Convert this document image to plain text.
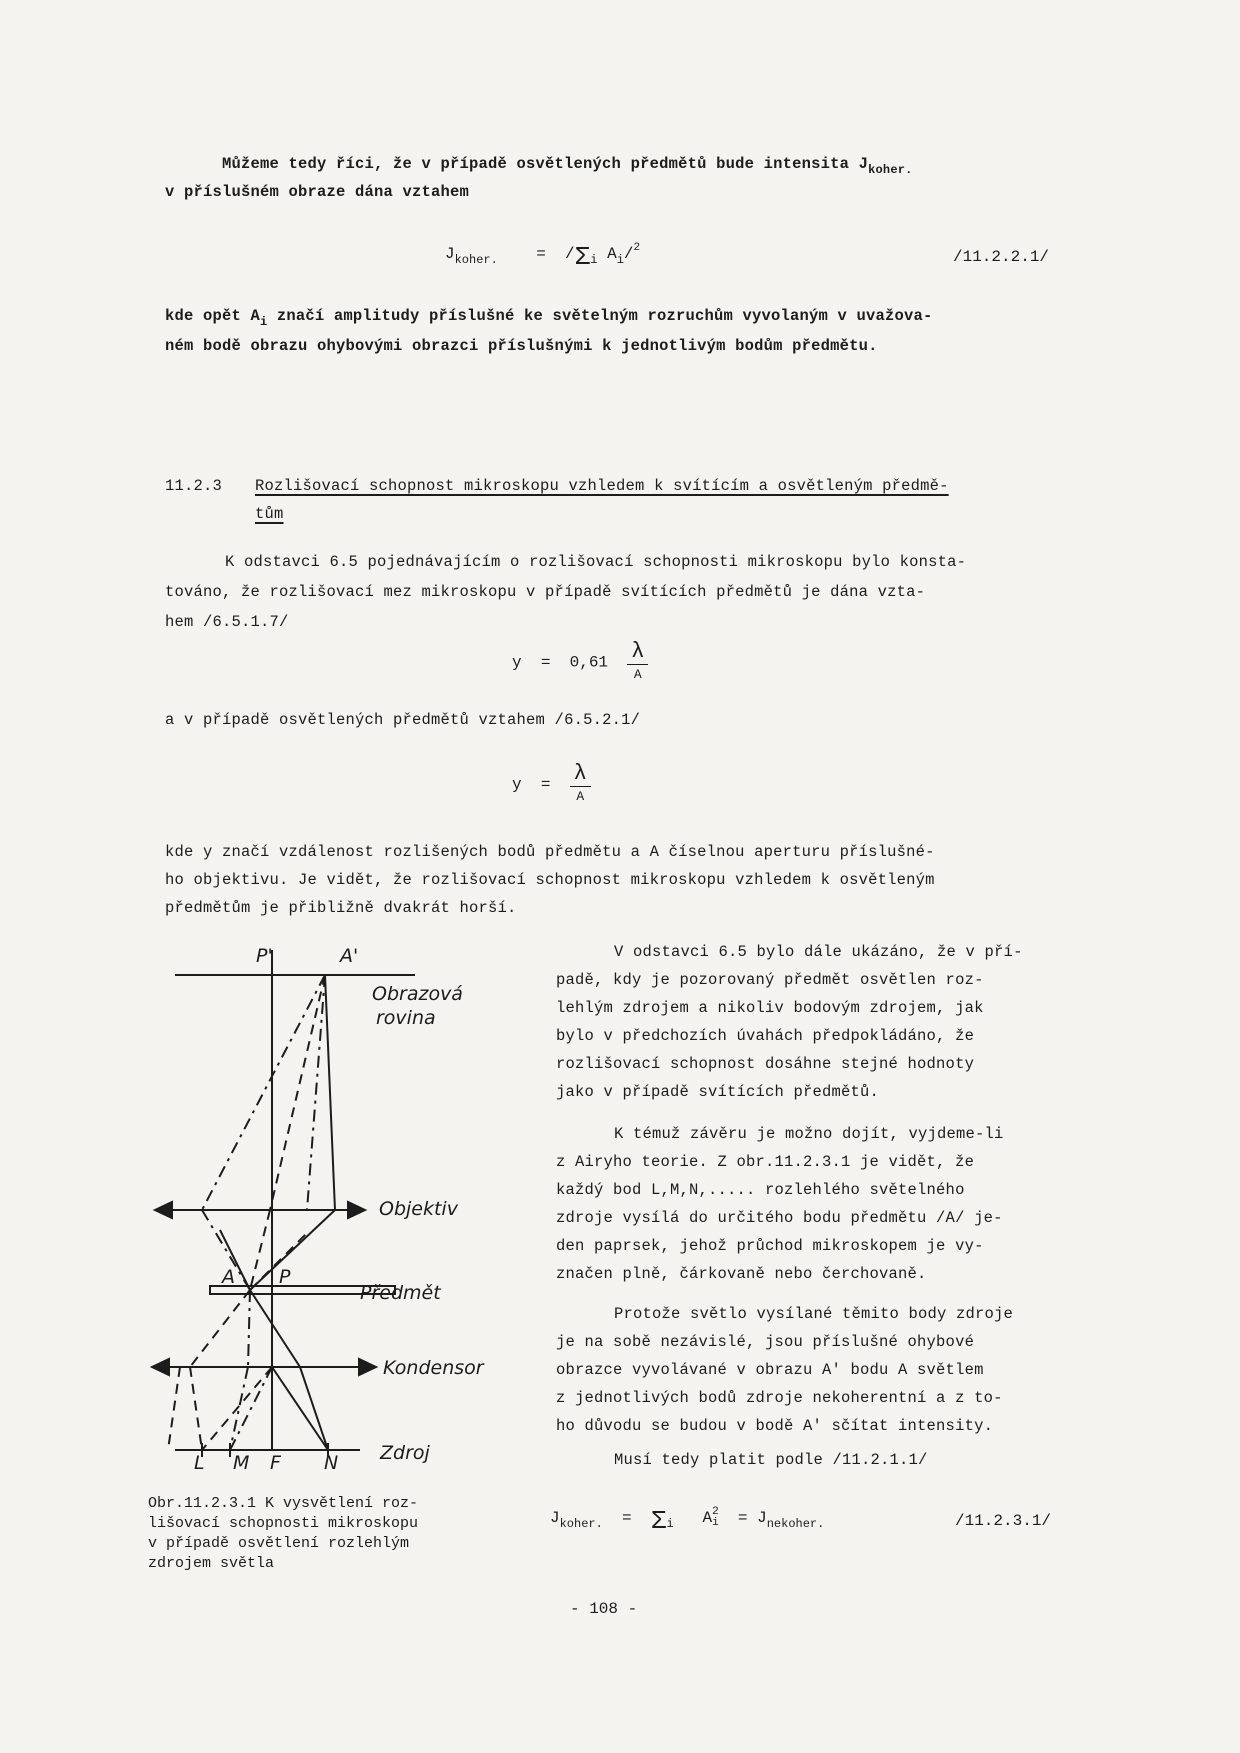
Můžeme tedy říci, že v případě osvětlených předmětů bude intensita $J_{koher.}$
v příslušném obraze dána vztahem
$J_{koher.} = /\Sigma_i$ $A_i/^2$	/11.2.2.1/
kde opět $A_i$ značí amplitudy příslušné ke světelným rozruchům vyvolaným v uvažova-
ném bodě obrazu ohybovými obrazci příslušnými k jednotlivým bodům předmětu.
11.2.3 Rozlišovací schopnost mikroskopu vzhledem k svítícím a osvětleným předmě-
tům
K odstavci 6.5 pojednávajícím o rozlišovací schopnosti mikroskopu bylo konsta-
továno, že rozlišovací mez mikroskopu v případě svítících předmětů je dána vzta-
hem /6.5.1.7/
$y = 0,61 \frac{\lambda}{A}$
a v případě osvětlených předmětů vztahem /6.5.2.1/
$y = \frac{\lambda}{A}$
kde y značí vzdálenost rozlišených bodů předmětu a A číselnou aperturu příslušné-
ho objektivu. Je vidět, že rozlišovací schopnost mikroskopu vzhledem k osvětleným
předmětům je přibližně dvakrát horší.
V odstavci 6.5 bylo dále ukázáno, že v pří-
padě, kdy je pozorovaný předmět osvětlen roz-
lehlým zdrojem a nikoliv bodovým zdrojem, jak
bylo v předchozích úvahách předpokládáno, že
rozlišovací schopnost dosáhne stejné hodnoty
jako v případě svítících předmětů.
K témuž závěru je možno dojít, vyjdeme-li
z Airyho teorie. Z obr.11.2.3.1 je vidět, že
každý bod L,M,N,..... rozlehlého světelného
zdroje vysílá do určitého bodu předmětu /A/ je-
den paprsek, jehož průchod mikroskopem je vy-
značen plně, čárkovaně nebo čerchovaně.
Protože světlo vysílané těmito body zdroje
je na sobě nezávislé, jsou příslušné ohybové
obrazce vyvolávané v obrazu A' bodu A světlem
z jednotlivých bodů zdroje nekoherentní a z to-
ho důvodu se budou v bodě A' sčítat intensity.
Musí tedy platit podle /11.2.1.1/
$J_{koher.} = \Sigma_i$ A 2
$i = J_{nekoher.}$	/11.2.3.1/
P'	A'
Obrazová
rovina
Objektiv
A P
Předmět
Kondensor
L M F N Zdroj
Obr.11.2.3.1 K vysvětlení roz-
lišovací schopnosti mikroskopu
v případě osvětlení rozlehlým
zdrojem světla
- 108 -
